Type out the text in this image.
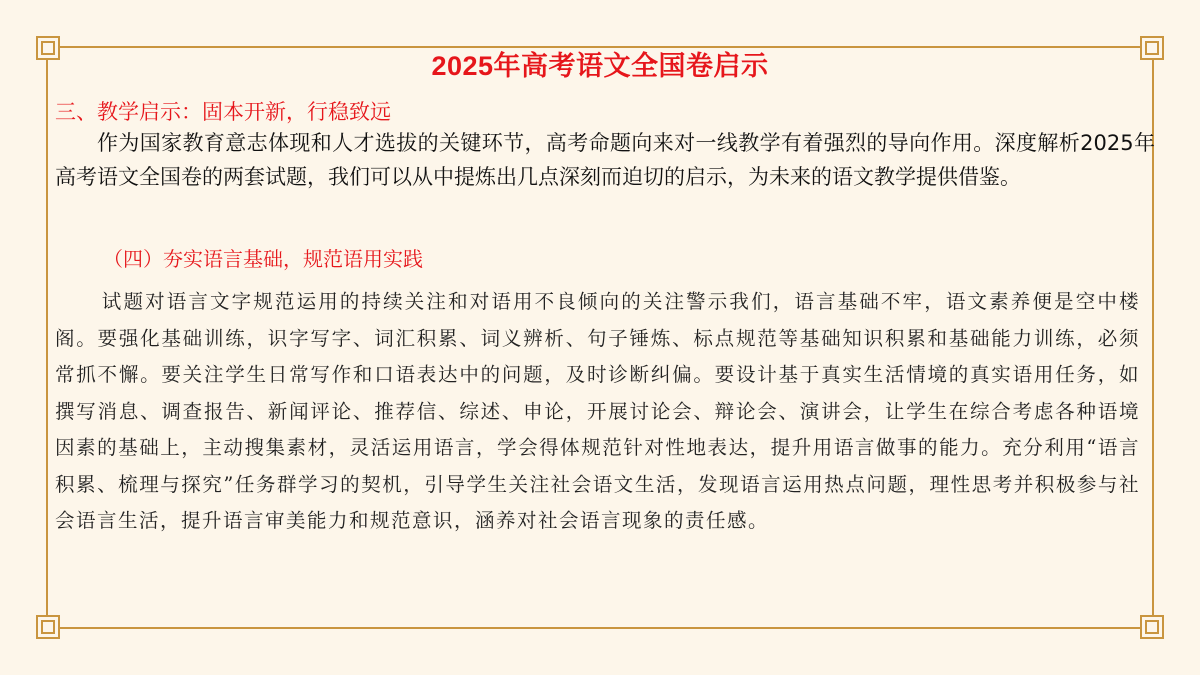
2025年高考语文全国卷启示
三、教学启示：固本开新，行稳致远

作为国家教育意志体现和人才选拔的关键环节，高考命题向来对一线教学有着强烈的导向作用。深度解析2025年高考语文全国卷的两套试题，我们可以从中提炼出几点深刻而迫切的启示，为未来的语文教学提供借鉴。

（四）夯实语言基础，规范语用实践

试题对语言文字规范运用的持续关注和对语用不良倾向的关注警示我们，语言基础不牢，语文素养便是空中楼阁。要强化基础训练，识字写字、词汇积累、词义辨析、句子锤炼、标点规范等基础知识积累和基础能力训练，必须常抓不懈。要关注学生日常写作和口语表达中的问题，及时诊断纠偏。要设计基于真实生活情境的真实语用任务，如撰写消息、调查报告、新闻评论、推荐信、综述、申论，开展讨论会、辩论会、演讲会，让学生在综合考虑各种语境因素的基础上，主动搜集素材，灵活运用语言，学会得体规范针对性地表达，提升用语言做事的能力。充分利用“语言积累、梳理与探究”任务群学习的契机，引导学生关注社会语文生活，发现语言运用热点问题，理性思考并积极参与社会语言生活，提升语言审美能力和规范意识，涵养对社会语言现象的责任感。
